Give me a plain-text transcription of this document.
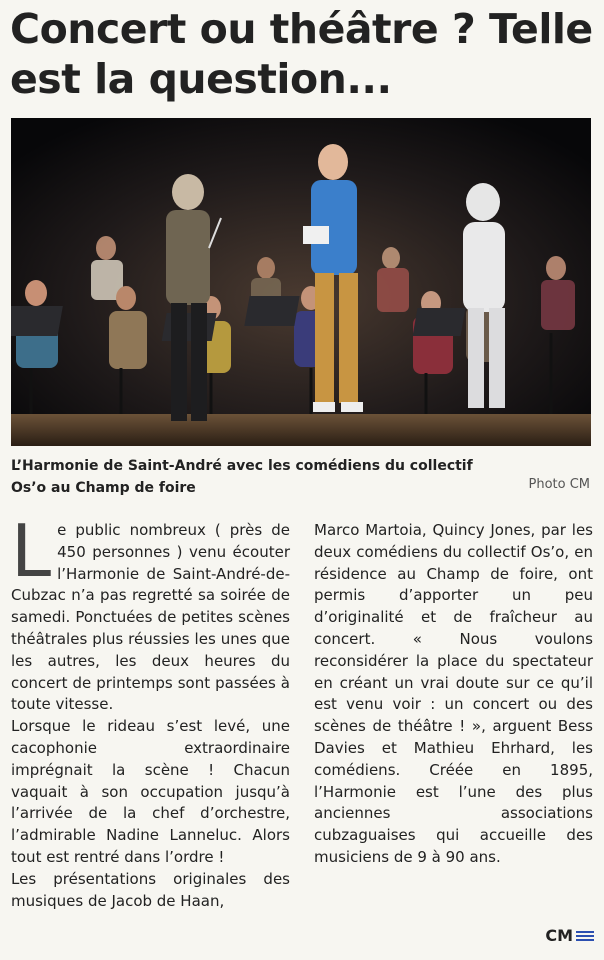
Concert ou théâtre ? Telle est la question...

L’Harmonie de Saint-André avec les comédiens du collectif Os’o au Champ de foire	Photo CM

Le public nombreux ( près de 450 personnes ) venu écouter l’Harmonie de Saint-André-de-Cubzac n’a pas regretté sa soirée de samedi. Ponctuées de petites scènes théâtrales plus réussies les unes que les autres, les deux heures du concert de printemps sont passées à toute vitesse.

Lorsque le rideau s’est levé, une cacophonie extraordinaire imprégnait la scène ! Chacun vaquait à son occupation jusqu’à l’arrivée de la chef d’orchestre, l’admirable Nadine Lanneluc. Alors tout est rentré dans l’ordre !

Les présentations originales des musiques de Jacob de Haan,

Marco Martoia, Quincy Jones, par les deux comédiens du collectif Os’o, en résidence au Champ de foire, ont permis d’apporter un peu d’originalité et de fraîcheur au concert. « Nous voulons reconsidérer la place du spectateur en créant un vrai doute sur ce qu’il est venu voir : un concert ou des scènes de théâtre ! », arguent Bess Davies et Mathieu Ehrhard, les comédiens. Créée en 1895, l’Harmonie est l’une des plus anciennes associations cubzaguaises qui accueille des musiciens de 9 à 90 ans.

CM
